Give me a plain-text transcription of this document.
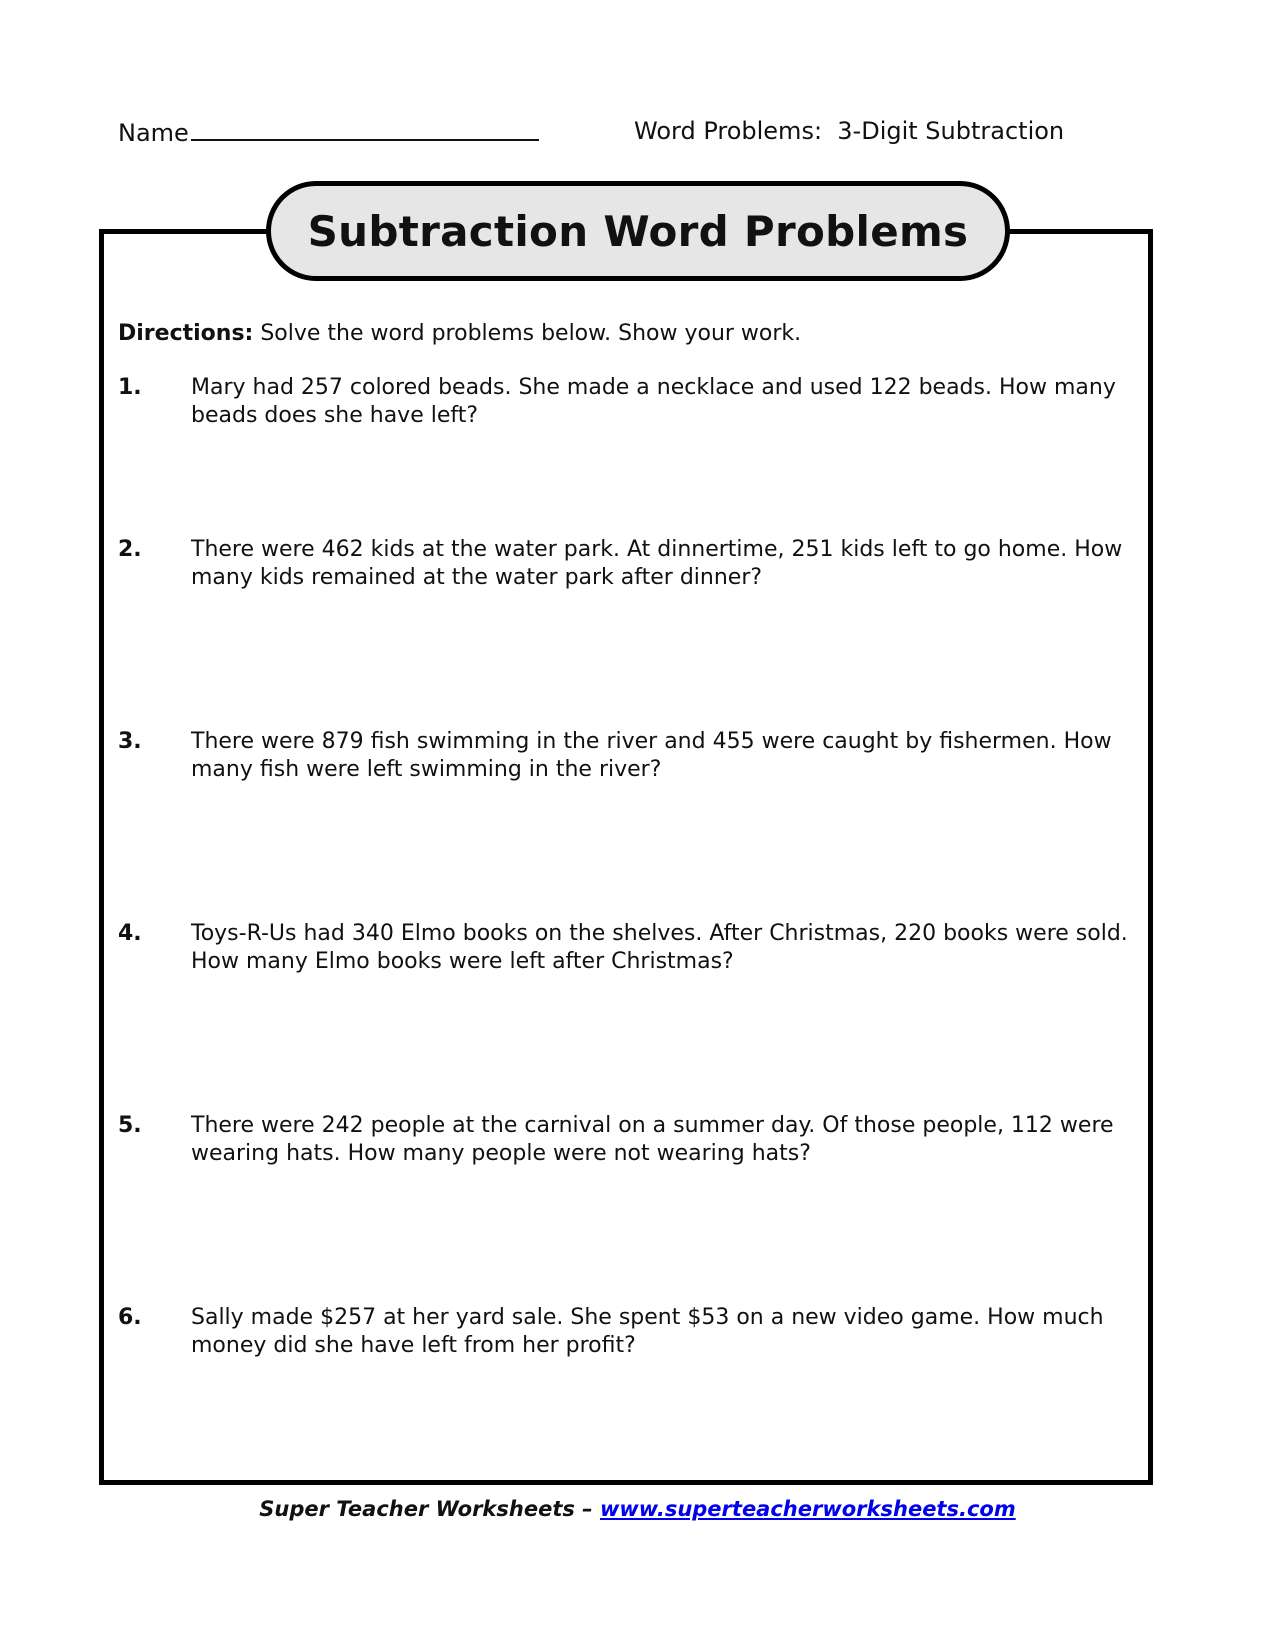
Name	Word Problems:  3-Digit Subtraction
Subtraction Word Problems
Directions: Solve the word problems below. Show your work.
1. Mary had 257 colored beads. She made a necklace and used 122 beads. How many beads does she have left?
2. There were 462 kids at the water park. At dinnertime, 251 kids left to go home. How many kids remained at the water park after dinner?
3. There were 879 fish swimming in the river and 455 were caught by fishermen. How many fish were left swimming in the river?
4. Toys-R-Us had 340 Elmo books on the shelves. After Christmas, 220 books were sold. How many Elmo books were left after Christmas?
5. There were 242 people at the carnival on a summer day. Of those people, 112 were wearing hats. How many people were not wearing hats?
6. Sally made $257 at her yard sale. She spent $53 on a new video game. How much money did she have left from her profit?
Super Teacher Worksheets – www.superteacherworksheets.com
